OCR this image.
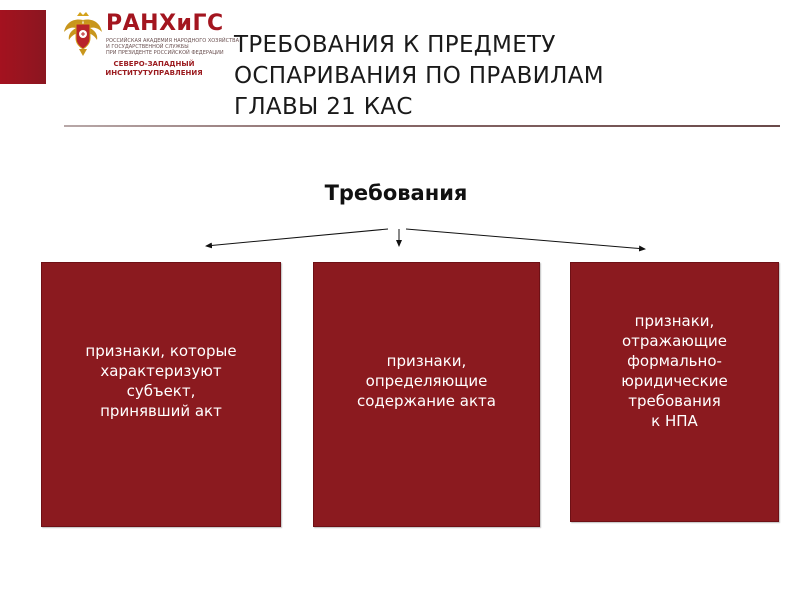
РАНХиГС
РОССИЙСКАЯ АКАДЕМИЯ НАРОДНОГО ХОЗЯЙСТВА
И ГОСУДАРСТВЕННОЙ СЛУЖБЫ
ПРИ ПРЕЗИДЕНТЕ РОССИЙСКОЙ ФЕДЕРАЦИИ
СЕВЕРО-ЗАПАДНЫЙ
ИНСТИТУТУПРАВЛЕНИЯ
ТРЕБОВАНИЯ К ПРЕДМЕТУ ОСПАРИВАНИЯ ПО ПРАВИЛАМ ГЛАВЫ 21 КАС
Требования
признаки, которые
характеризуют
субъект,
принявший акт
признаки,
определяющие
содержание акта
признаки,
отражающие
формально-
юридические
требования
к НПА
